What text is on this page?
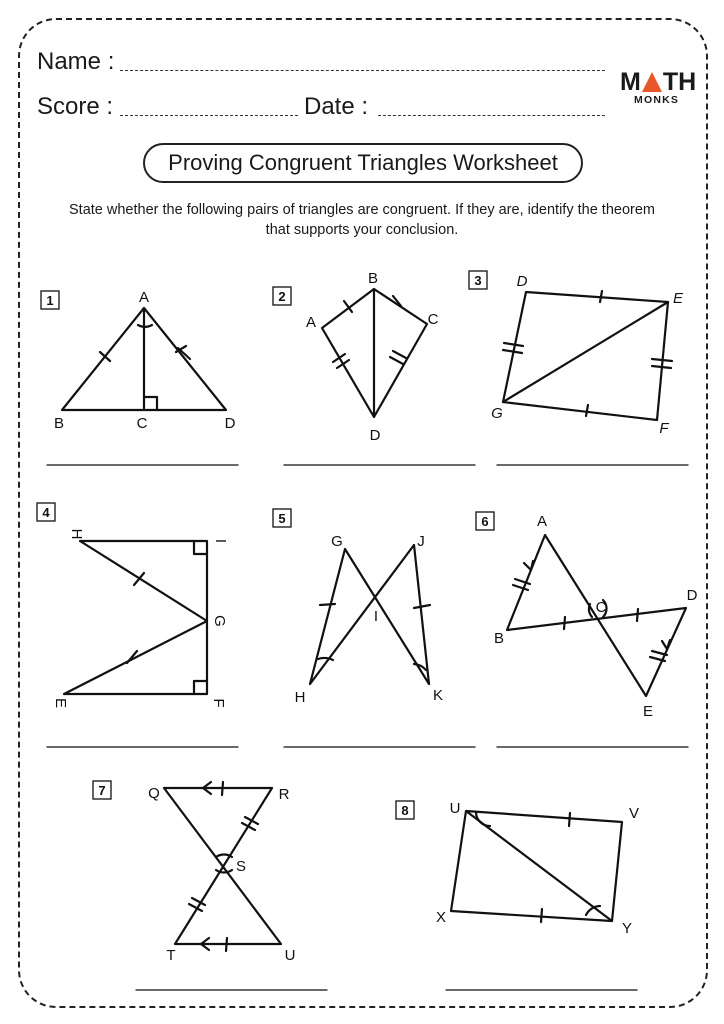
Name :
Score :	Date :
M TH
MONKS
Proving Congruent Triangles Worksheet
State whether the following pairs of triangles are congruent. If they are, identify the theorem that supports your conclusion.
1	2
3
4	5	6
7
8
A
B	C	D
B
A	C
D
D
E
G
F
H
I
G
E	F
G	J
I
H	K
A
B
C
D
E
Q	R
S
T	U
U	V
X
Y
